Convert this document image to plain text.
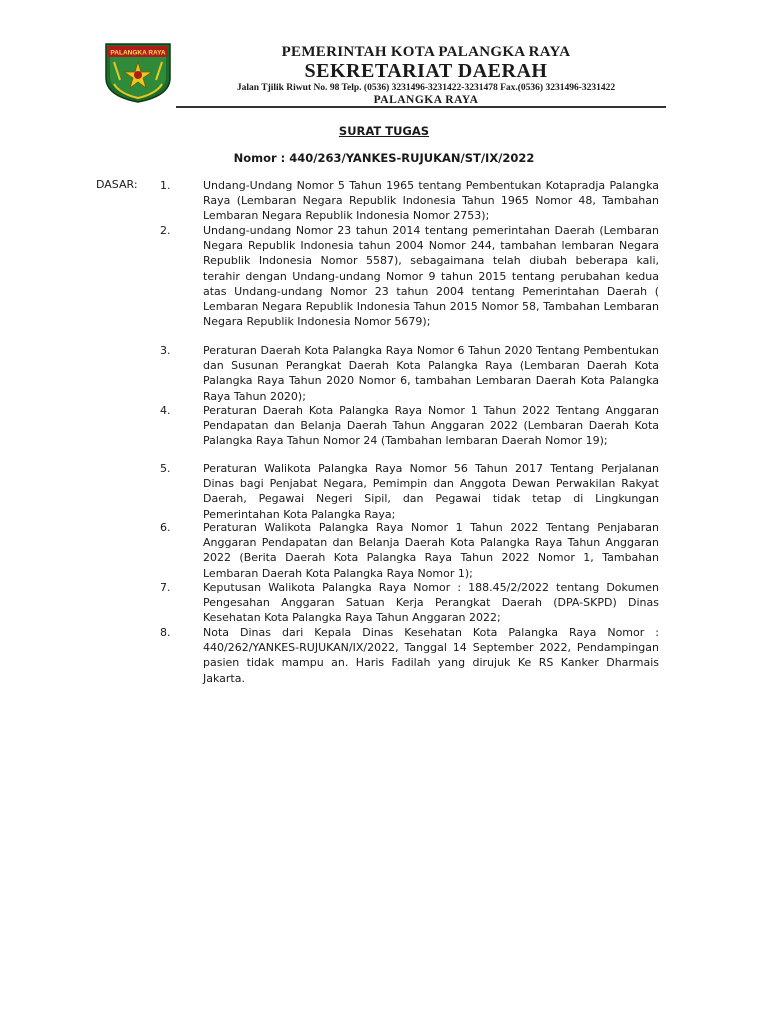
PALANGKA RAYA	PEMERINTAH KOTA PALANGKA RAYA
SEKRETARIAT DAERAH
Jalan Tjilik Riwut No. 98 Telp. (0536) 3231496-3231422-3231478 Fax.(0536) 3231496-3231422
PALANGKA RAYA
SURAT TUGAS
Nomor : 440/263/YANKES-RUJUKAN/ST/IX/2022
DASAR: 1.	Undang-Undang Nomor 5 Tahun 1965 tentang Pembentukan Kotapradja Palangka Raya (Lembaran Negara Republik Indonesia Tahun 1965 Nomor 48, Tambahan Lembaran Negara Republik Indonesia Nomor 2753);
2.	Undang-undang Nomor 23 tahun 2014 tentang pemerintahan Daerah (Lembaran Negara Republik Indonesia tahun 2004 Nomor 244, tambahan lembaran Negara Republik Indonesia Nomor 5587), sebagaimana telah diubah beberapa kali, terahir dengan Undang-undang Nomor 9 tahun 2015 tentang perubahan kedua atas Undang-undang Nomor 23 tahun 2004 tentang Pemerintahan Daerah ( Lembaran Negara Republik Indonesia Tahun 2015 Nomor 58, Tambahan Lembaran Negara Republik Indonesia Nomor 5679);
3.	Peraturan Daerah Kota Palangka Raya Nomor 6 Tahun 2020 Tentang Pembentukan dan Susunan Perangkat Daerah Kota Palangka Raya (Lembaran Daerah Kota Palangka Raya Tahun 2020 Nomor 6, tambahan Lembaran Daerah Kota Palangka Raya Tahun 2020);
4.	Peraturan Daerah Kota Palangka Raya Nomor 1 Tahun 2022 Tentang Anggaran Pendapatan dan Belanja Daerah Tahun Anggaran 2022 (Lembaran Daerah Kota Palangka Raya Tahun Nomor 24 (Tambahan lembaran Daerah Nomor 19);
5.	Peraturan Walikota Palangka Raya Nomor 56 Tahun 2017 Tentang Perjalanan Dinas bagi Penjabat Negara, Pemimpin dan Anggota Dewan Perwakilan Rakyat Daerah, Pegawai Negeri Sipil, dan Pegawai tidak tetap di Lingkungan Pemerintahan Kota Palangka Raya;
6.	Peraturan Walikota Palangka Raya Nomor 1 Tahun 2022 Tentang Penjabaran Anggaran Pendapatan dan Belanja Daerah Kota Palangka Raya Tahun Anggaran 2022 (Berita Daerah Kota Palangka Raya Tahun 2022 Nomor 1, Tambahan Lembaran Daerah Kota Palangka Raya Nomor 1);
7.	Keputusan Walikota Palangka Raya Nomor : 188.45/2/2022 tentang Dokumen Pengesahan Anggaran Satuan Kerja Perangkat Daerah (DPA-SKPD) Dinas Kesehatan Kota Palangka Raya Tahun Anggaran 2022;
8.	Nota Dinas dari Kepala Dinas Kesehatan Kota Palangka Raya Nomor : 440/262/YANKES-RUJUKAN/IX/2022, Tanggal 14 September 2022, Pendampingan pasien tidak mampu an. Haris Fadilah yang dirujuk Ke RS Kanker Dharmais Jakarta.
